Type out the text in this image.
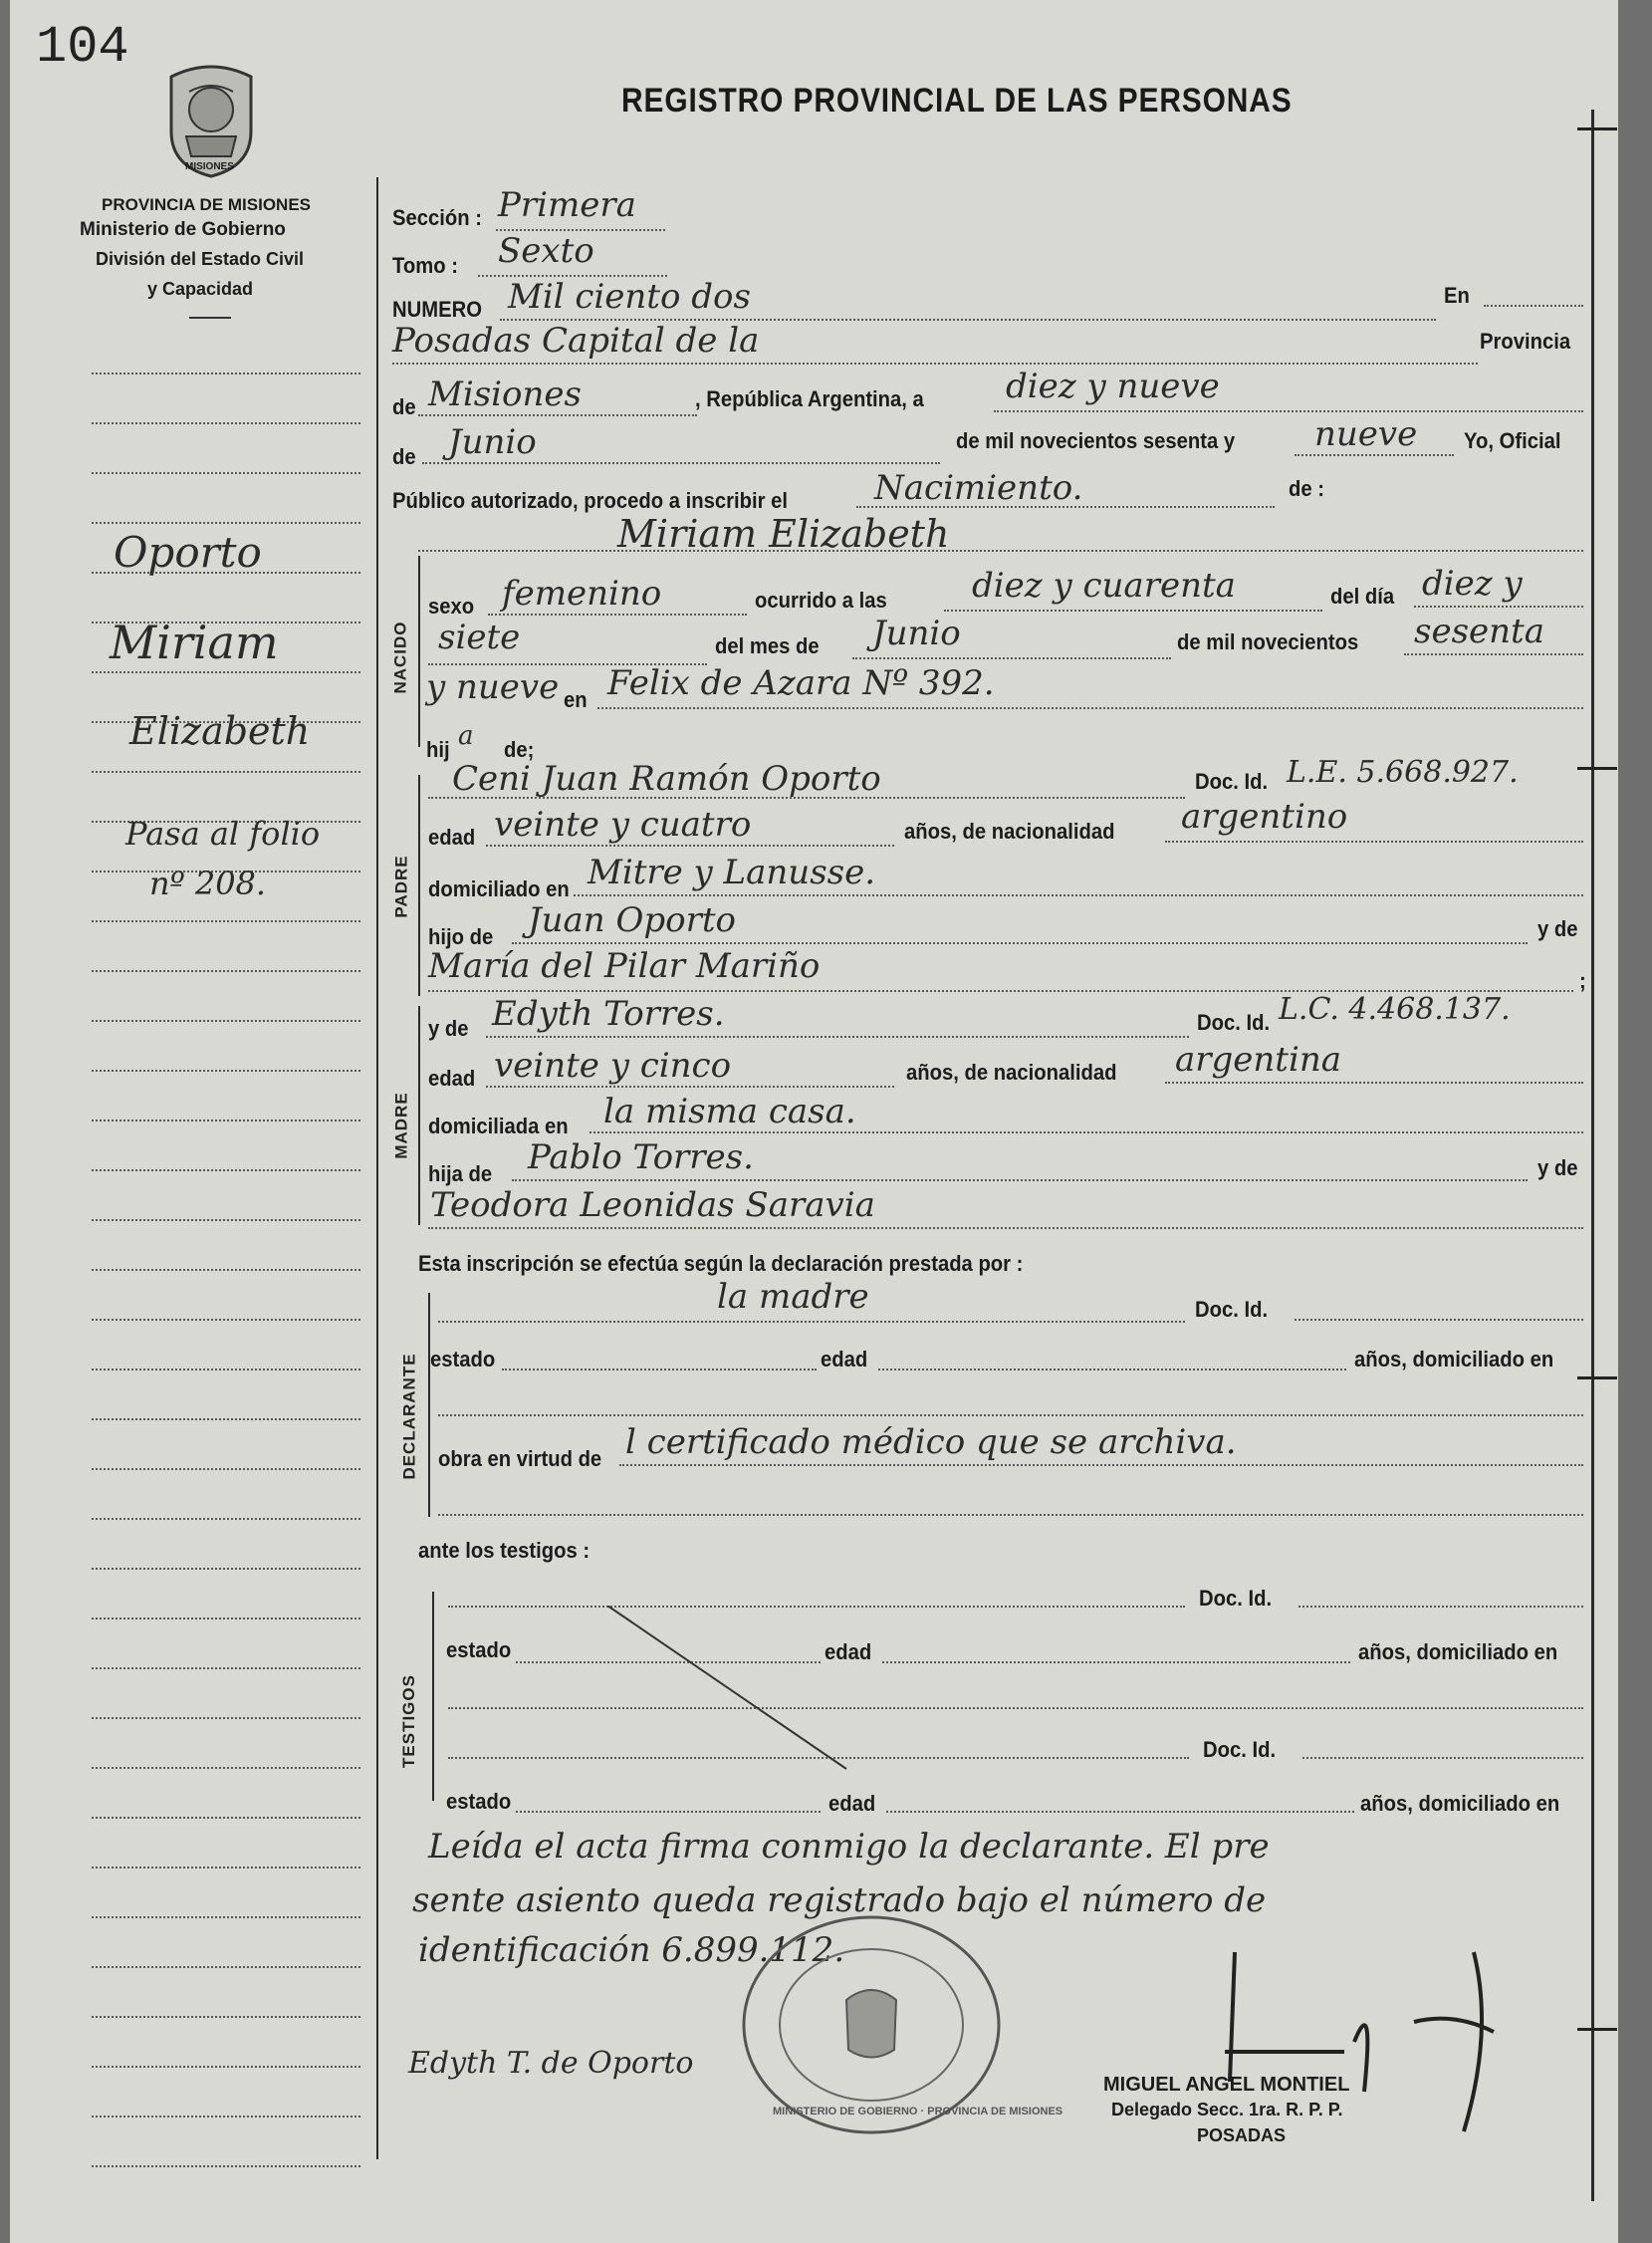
104
MISIONES
PROVINCIA DE MISIONES
Ministerio de Gobierno
División del Estado Civil
y Capacidad
REGISTRO PROVINCIAL DE LAS PERSONAS
Oporto
Miriam
Elizabeth
Pasa al folio
nº 208.
NACIDO
PADRE
MADRE
DECLARANTE
TESTIGOS
Sección : Primera
Tomo : Sexto
NUMERO Mil ciento dos	En
Posadas Capital de la	Provincia
de Misiones	, República Argentina, a diez y nueve
de Junio	de mil novecientos sesenta y nueve Yo, Oficial
Público autorizado, procedo a inscribir el	Nacimiento.	de :
Miriam Elizabeth
sexo femenino	ocurrido a las	diez y cuarenta	del día diez y
siete	del mes de Junio	de mil novecientos sesenta
y nueve en Felix de Azara Nº 392.
hij a de;
Ceni Juan Ramón Oporto	Doc. Id. L.E. 5.668.927.
edad veinte y cuatro	años, de nacionalidad argentino
domiciliado en Mitre y Lanusse.
hijo de Juan Oporto	y de
María del Pilar Mariño	;
y de Edyth Torres.	Doc. Id. L.C. 4.468.137.
edad veinte y cinco	años, de nacionalidad argentina
domiciliada en la misma casa.
hija de Pablo Torres.	y de
Teodora Leonidas Saravia
Esta inscripción se efectúa según la declaración prestada por :
la madre	Doc. Id.
estado	edad	años, domiciliado en
obra en virtud de l certificado médico que se archiva.
ante los testigos :
Doc. Id.
estado	edad	años, domiciliado en
Doc. Id.
estado	edad	años, domiciliado en
Leída el acta firma conmigo la declarante. El pre
sente asiento queda registrado bajo el número de
identificación 6.899.112.
MINISTERIO DE GOBIERNO · PROVINCIA DE MISIONES
Edyth T. de Oporto
MIGUEL ANGEL MONTIEL
Delegado Secc. 1ra. R. P. P.
POSADAS
